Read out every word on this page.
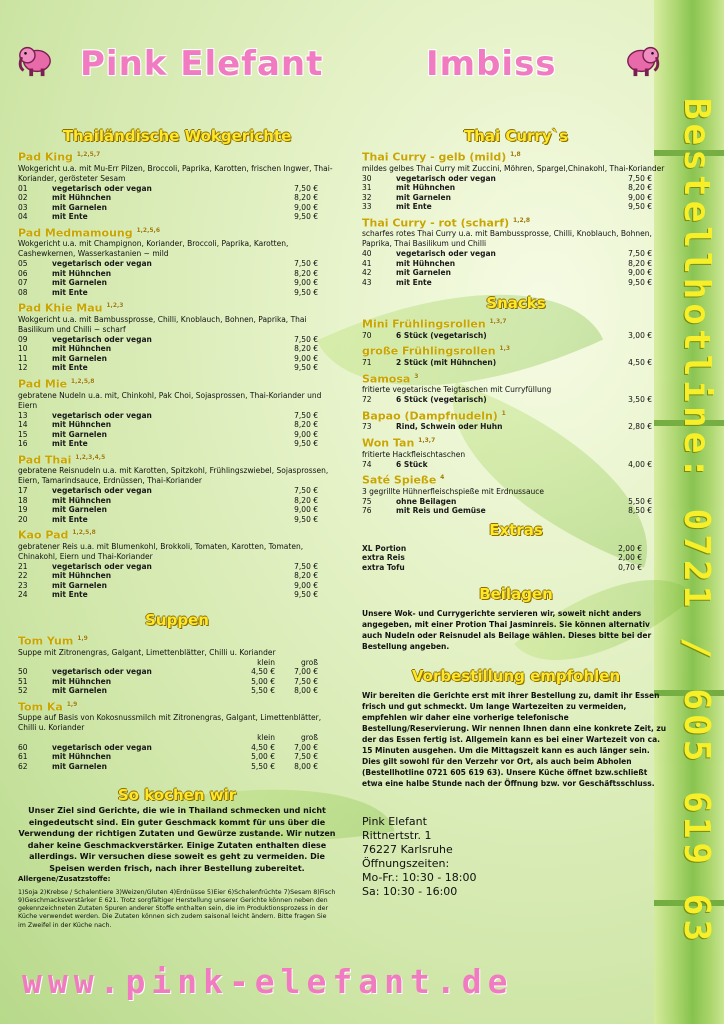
Pink Elefant	Imbiss
Bestellhotline: 0721 / 605 619 63
Thailändische Wokgerichte
Pad King $^{1,2,5,7}$
Wokgericht u.a. mit Mu-Err Pilzen, Broccoli, Paprika, Karotten, frischen Ingwer, Thai-Koriander, gerösteter Sesam
01	vegetarisch oder vegan	7,50 €
02	mit Hühnchen	8,20 €
03	mit Garnelen	9,00 €
04	mit Ente	9,50 €
Pad Medmamoung $^{1,2,5,6}$
Wokgericht u.a. mit Champignon, Koriander, Broccoli, Paprika, Karotten, Cashewkernen, Wasserkastanien ~ mild
05	vegetarisch oder vegan	7,50 €
06	mit Hühnchen	8,20 €
07	mit Garnelen	9,00 €
08	mit Ente	9,50 €
Pad Khie Mau $^{1,2,3}$
Wokgericht u.a. mit Bambussprosse, Chilli, Knoblauch, Bohnen, Paprika, Thai Basilikum und Chilli ~ scharf
09	vegetarisch oder vegan	7,50 €
10	mit Hühnchen	8,20 €
11	mit Garnelen	9,00 €
12	mit Ente	9,50 €
Pad Mie $^{1,2,5,8}$
gebratene Nudeln u.a. mit, Chinkohl, Pak Choi, Sojasprossen, Thai-Koriander und Eiern
13	vegetarisch oder vegan	7,50 €
14	mit Hühnchen	8,20 €
15	mit Garnelen	9,00 €
16	mit Ente	9,50 €
Pad Thai $^{1,2,3,4,5}$
gebratene Reisnudeln u.a. mit Karotten, Spitzkohl, Frühlingszwiebel, Sojasprossen, Eiern, Tamarindsauce, Erdnüssen, Thai-Koriander
17	vegetarisch oder vegan	7,50 €
18	mit Hühnchen	8,20 €
19	mit Garnelen	9,00 €
20	mit Ente	9,50 €
Kao Pad $^{1,2,5,8}$
gebratener Reis u.a. mit Blumenkohl, Brokkoli, Tomaten, Karotten, Tomaten, Chinakohl, Eiern und Thai-Koriander
21	vegetarisch oder vegan	7,50 €
22	mit Hühnchen	8,20 €
23	mit Garnelen	9,00 €
24	mit Ente	9,50 €
Suppen
Tom Yum $^{1,9}$
Suppe mit Zitronengras, Galgant, Limettenblätter, Chilli u. Koriander
		klein	groß
50	vegetarisch oder vegan	4,50 €	7,00 €
51	mit Hühnchen	5,00 €	7,50 €
52	mit Garnelen	5,50 €	8,00 €
Tom Ka $^{1,9}$
Suppe auf Basis von Kokosnussmilch mit Zitronengras, Galgant, Limettenblätter, Chilli u. Koriander
		klein	groß
60	vegetarisch oder vegan	4,50 €	7,00 €
61	mit Hühnchen	5,00 €	7,50 €
62	mit Garnelen	5,50 €	8,00 €
So kochen wir
Unser Ziel sind Gerichte, die wie in Thailand schmecken und nicht eingedeutscht sind. Ein guter Geschmack kommt für uns über die Verwendung der richtigen Zutaten und Gewürze zustande. Wir nutzen daher keine Geschmackverstärker. Einige Zutaten enthalten diese allerdings. Wir versuchen diese soweit es geht zu vermeiden. Die Speisen werden frisch, nach ihrer Bestellung zubereitet.
Allergene/Zusatzstoffe:
1)Soja 2)Krebse / Schalentiere 3)Weizen/Gluten 4)Erdnüsse 5)Eier 6)Schalenfrüchte 7)Sesam 8)Fisch 9)Geschmacksverstärker E 621. Trotz sorgfältiger Herstellung unserer Gerichte können neben den gekennzeichneten Zutaten Spuren anderer Stoffe enthalten sein, die im Produktionsprozess in der Küche verwendet werden. Die Zutaten können sich zudem saisonal leicht ändern. Bitte fragen Sie im Zweifel in der Küche nach.
Thai Curry`s
Thai Curry - gelb (mild) $^{1,8}$
mildes gelbes Thai Curry mit Zuccini, Möhren, Spargel,Chinakohl, Thai-Koriander
30	vegetarisch oder vegan	7,50 €
31	mit Hühnchen	8,20 €
32	mit Garnelen	9,00 €
33	mit Ente	9,50 €
Thai Curry - rot (scharf) $^{1,2,8}$
scharfes rotes Thai Curry u.a. mit Bambussprosse, Chilli, Knoblauch, Bohnen, Paprika, Thai Basilikum und Chilli
40	vegetarisch oder vegan	7,50 €
41	mit Hühnchen	8,20 €
42	mit Garnelen	9,00 €
43	mit Ente	9,50 €
Snacks
Mini Frühlingsrollen $^{1,3,7}$
70	6 Stück (vegetarisch)	3,00 €
große Frühlingsrollen $^{1,3}$
71	2 Stück (mit Hühnchen)	4,50 €
Samosa $^3$
fritierte vegetarische Teigtaschen mit Curryfüllung
72	6 Stück (vegetarisch)	3,50 €
Bapao (Dampfnudeln) $^1$
73	Rind, Schwein oder Huhn	2,80 €
Won Tan $^{1,3,7}$
fritierte Hackfleischtaschen
74	6 Stück	4,00 €
Saté Spieße $^4$
3 gegrillte Hühnerfleischspieße mit Erdnussauce
75	ohne Beilagen	5,50 €
76	mit Reis und Gemüse	8,50 €
Extras
XL Portion	2,00 €
extra Reis	2,00 €
extra Tofu	0,70 €
Beilagen
Unsere Wok- und Currygerichte servieren wir, soweit nicht anders angegeben, mit einer Protion Thai Jasminreis. Sie können alternativ auch Nudeln oder Reisnudel als Beilage wählen. Dieses bitte bei der Bestellung angeben.
Vorbestillung empfohlen
Wir bereiten die Gerichte erst mit ihrer Bestellung zu, damit ihr Essen frisch und gut schmeckt. Um lange Wartezeiten zu vermeiden, empfehlen wir daher eine vorherige telefonische Bestellung/Reservierung. Wir nennen Ihnen dann eine konkrete Zeit, zu der das Essen fertig ist. Allgemein kann es bei einer Wartezeit von ca. 15 Minuten ausgehen. Um die Mittagszeit kann es auch länger sein. Dies gilt sowohl für den Verzehr vor Ort, als auch beim Abholen (Bestellhotline 0721 605 619 63). Unsere Küche öffnet bzw.schließt etwa eine halbe Stunde nach der Öffnung bzw. vor Geschäftsschluss.
Pink Elefant
Rittnertstr. 1
76227 Karlsruhe
Öffnungszeiten:
Mo-Fr.: 10:30 - 18:00
Sa: 10:30 - 16:00
www.pink-elefant.de
